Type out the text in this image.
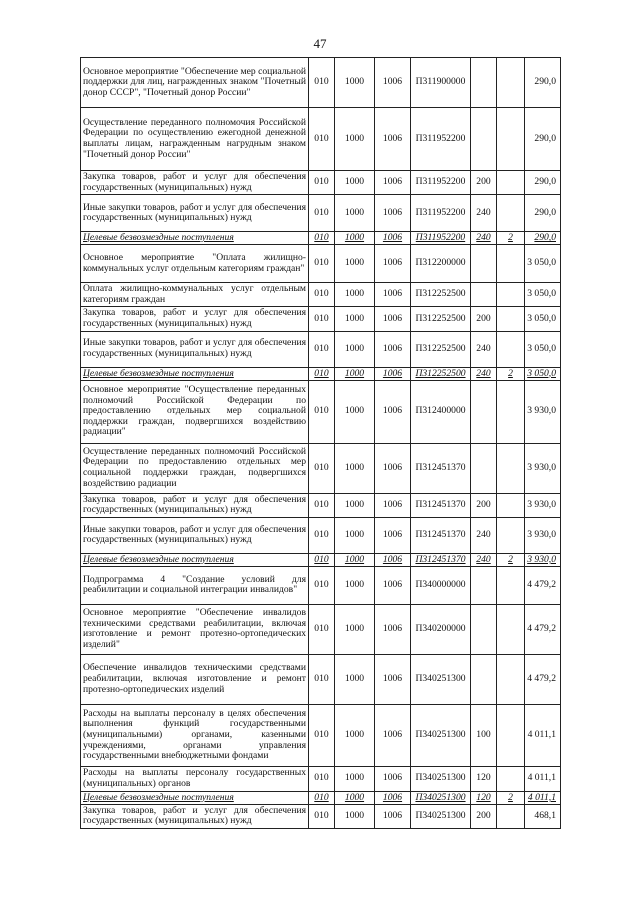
47
Основное мероприятие "Обеспечение мер социальной поддержки для лиц, награжденных знаком "Почетный донор СССР", "Почетный донор России"	010	1000	1006	П311900000			290,0
Осуществление переданного полномочия Российской Федерации по осуществлению ежегодной денежной выплаты лицам, награжденным нагрудным знаком "Почетный донор России"	010	1000	1006	П311952200			290,0
Закупка товаров, работ и услуг для обеспечения государственных (муниципальных) нужд	010	1000	1006	П311952200	200		290,0
Иные закупки товаров, работ и услуг для обеспечения государственных (муниципальных) нужд	010	1000	1006	П311952200	240		290,0
Целевые безвозмездные поступления	010	1000	1006	П311952200	240	2	290,0
Основное мероприятие "Оплата жилищно-коммунальных услуг отдельным категориям граждан"	010	1000	1006	П312200000			3 050,0
Оплата жилищно-коммунальных услуг отдельным категориям граждан	010	1000	1006	П312252500			3 050,0
Закупка товаров, работ и услуг для обеспечения государственных (муниципальных) нужд	010	1000	1006	П312252500	200		3 050,0
Иные закупки товаров, работ и услуг для обеспечения государственных (муниципальных) нужд	010	1000	1006	П312252500	240		3 050,0
Целевые безвозмездные поступления	010	1000	1006	П312252500	240	2	3 050,0
Основное мероприятие "Осуществление переданных полномочий Российской Федерации по предоставлению отдельных мер социальной поддержки граждан, подвергшихся воздействию радиации"	010	1000	1006	П312400000			3 930,0
Осуществление переданных полномочий Российской Федерации по предоставлению отдельных мер социальной поддержки граждан, подвергшихся воздействию радиации	010	1000	1006	П312451370			3 930,0
Закупка товаров, работ и услуг для обеспечения государственных (муниципальных) нужд	010	1000	1006	П312451370	200		3 930,0
Иные закупки товаров, работ и услуг для обеспечения государственных (муниципальных) нужд	010	1000	1006	П312451370	240		3 930,0
Целевые безвозмездные поступления	010	1000	1006	П312451370	240	2	3 930,0
Подпрограмма 4 "Создание условий для реабилитации и социальной интеграции инвалидов"	010	1000	1006	П340000000			4 479,2
Основное мероприятие "Обеспечение инвалидов техническими средствами реабилитации, включая изготовление и ремонт протезно-ортопедических изделий"	010	1000	1006	П340200000			4 479,2
Обеспечение инвалидов техническими средствами реабилитации, включая изготовление и ремонт протезно-ортопедических изделий	010	1000	1006	П340251300			4 479,2
Расходы на выплаты персоналу в целях обеспечения выполнения функций государственными (муниципальными) органами, казенными учреждениями, органами управления государственными внебюджетными фондами	010	1000	1006	П340251300	100		4 011,1
Расходы на выплаты персоналу государственных (муниципальных) органов	010	1000	1006	П340251300	120		4 011,1
Целевые безвозмездные поступления	010	1000	1006	П340251300	120	2	4 011,1
Закупка товаров, работ и услуг для обеспечения государственных (муниципальных) нужд	010	1000	1006	П340251300	200		468,1
